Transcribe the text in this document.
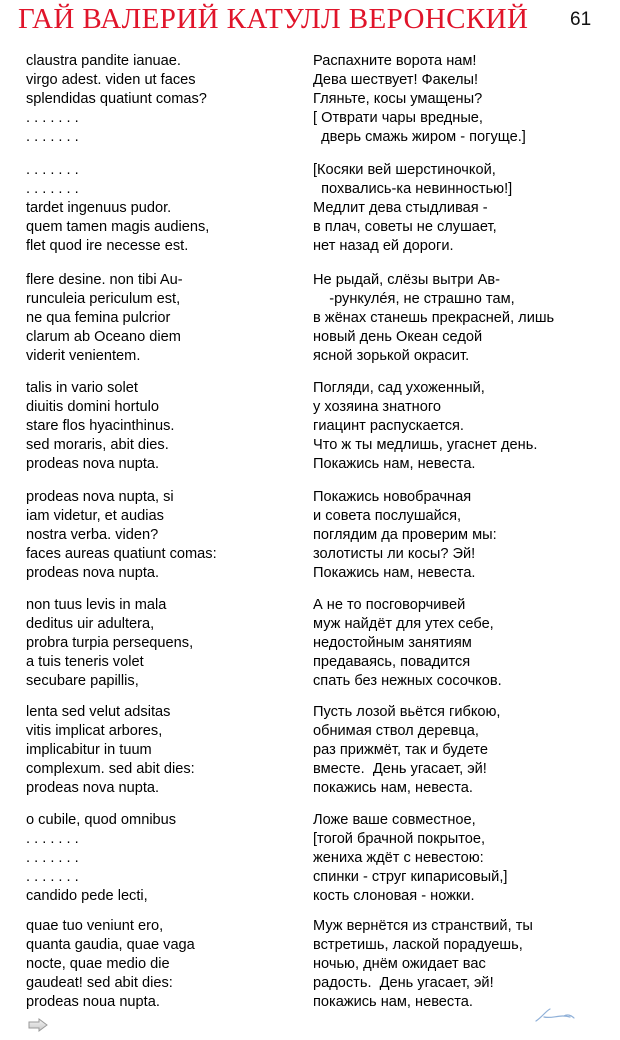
ГАЙ ВАЛЕРИЙ КАТУЛЛ ВЕРОНСКИЙ 61
claustra pandite ianuae.
virgo adest. viden ut faces
splendidas quatiunt comas?
. . . . . . .
. . . . . . .
Распахните ворота нам!
Дева шествует! Факелы!
Гляньте, косы умащены?
[ Отврати чары вредные,
дверь смажь жиром - погуще.]
. . . . . . .
. . . . . . .
tardet ingenuus pudor.
quem tamen magis audiens,
flet quod ire necesse est.
[Косяки вей шерстиночкой,
похвались-ка невинностью!]
Медлит дева стыдливая -
в плач, советы не слушает,
нет назад ей дороги.
flere desine. non tibi Au-
runculeia periculum est,
ne qua femina pulcrior
clarum ab Oceano diem
viderit venientem.
Не рыдай, слёзы вытри Ав-
-рункулéя, не страшно там,
в жёнах станешь прекрасней, лишь
новый день Океан седой
ясной зорькой окрасит.
talis in vario solet
diuitis domini hortulo
stare flos hyacinthinus.
sed moraris, abit dies.
prodeas nova nupta.
Погляди, сад ухоженный,
у хозяина знатного
гиацинт распускается.
Что ж ты медлишь, угаснет день.
Покажись нам, невеста.
prodeas nova nupta, si
iam videtur, et audias
nostra verba. viden?
faces aureas quatiunt comas:
prodeas nova nupta.
Покажись новобрачная
и совета послушайся,
поглядим да проверим мы:
золотисты ли косы? Эй!
Покажись нам, невеста.
non tuus levis in mala
deditus uir adultera,
probra turpia persequens,
a tuis teneris volet
secubare papillis,
А не то посговорчивей
муж найдёт для утех себе,
недостойным занятиям
предаваясь, повадится
спать без нежных сосочков.
lenta sed velut adsitas
vitis implicat arbores,
implicabitur in tuum
complexum. sed abit dies:
prodeas nova nupta.
Пусть лозой вьётся гибкою,
обнимая ствол деревца,
раз прижмёт, так и будете
вместе.  День угасает, эй!
покажись нам, невеста.
o cubile, quod omnibus
. . . . . . .
. . . . . . .
. . . . . . .
candido pede lecti,
Ложе ваше совместное,
[тогой брачной покрытое,
жениха ждёт с невестою:
спинки - струг кипарисовый,]
кость слоновая - ножки.
quae tuo veniunt ero,
quanta gaudia, quae vaga
nocte, quae medio die
gaudeat! sed abit dies:
prodeas noua nupta.
Муж вернётся из странствий, ты
встретишь, лаской порадуешь,
ночью, днём ожидает вас
радость.  День угасает, эй!
покажись нам, невеста.
